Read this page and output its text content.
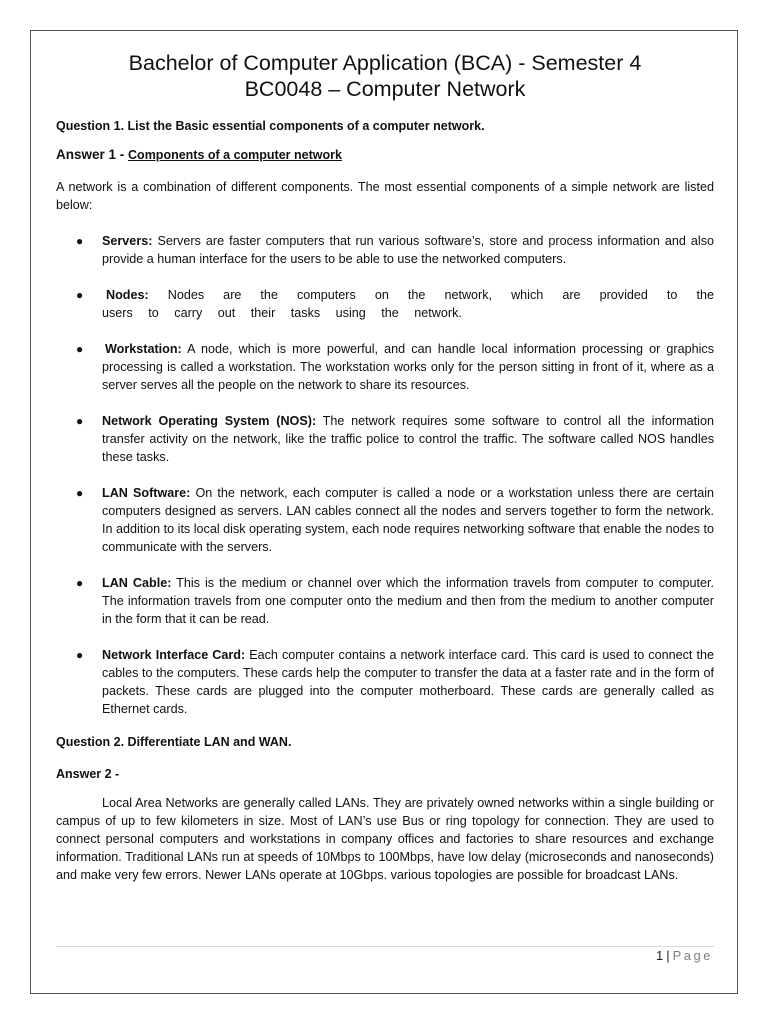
Bachelor of Computer Application (BCA) - Semester 4
BC0048 – Computer Network

Question 1. List the Basic essential components of a computer network.

Answer 1 - Components of a computer network

A network is a combination of different components. The most essential components of a simple network are listed below:

● Servers: Servers are faster computers that run various software’s, store and process information and also provide a human interface for the users to be able to use the networked computers.
● Nodes: Nodes are the computers on the network, which are provided to the users to carry out their tasks using the network.
● Workstation: A node, which is more powerful, and can handle local information processing or graphics processing is called a workstation. The workstation works only for the person sitting in front of it, where as a server serves all the people on the network to share its resources.
● Network Operating System (NOS): The network requires some software to control all the information transfer activity on the network, like the traffic police to control the traffic. The software called NOS handles these tasks.
● LAN Software: On the network, each computer is called a node or a workstation unless there are certain computers designed as servers. LAN cables connect all the nodes and servers together to form the network. In addition to its local disk operating system, each node requires networking software that enable the nodes to communicate with the servers.
● LAN Cable: This is the medium or channel over which the information travels from computer to computer. The information travels from one computer onto the medium and then from the medium to another computer in the form that it can be read.
● Network Interface Card: Each computer contains a network interface card. This card is used to connect the cables to the computers. These cards help the computer to transfer the data at a faster rate and in the form of packets. These cards are plugged into the computer motherboard. These cards are generally called as Ethernet cards.

Question 2. Differentiate LAN and WAN.

Answer 2 -

Local Area Networks are generally called LANs. They are privately owned networks within a single building or campus of up to few kilometers in size. Most of LAN’s use Bus or ring topology for connection. They are used to connect personal computers and workstations in company offices and factories to share resources and exchange information. Traditional LANs run at speeds of 10Mbps to 100Mbps, have low delay (microseconds and nanoseconds) and make very few errors. Newer LANs operate at 10Gbps. various topologies are possible for broadcast LANs.

1 | Page
